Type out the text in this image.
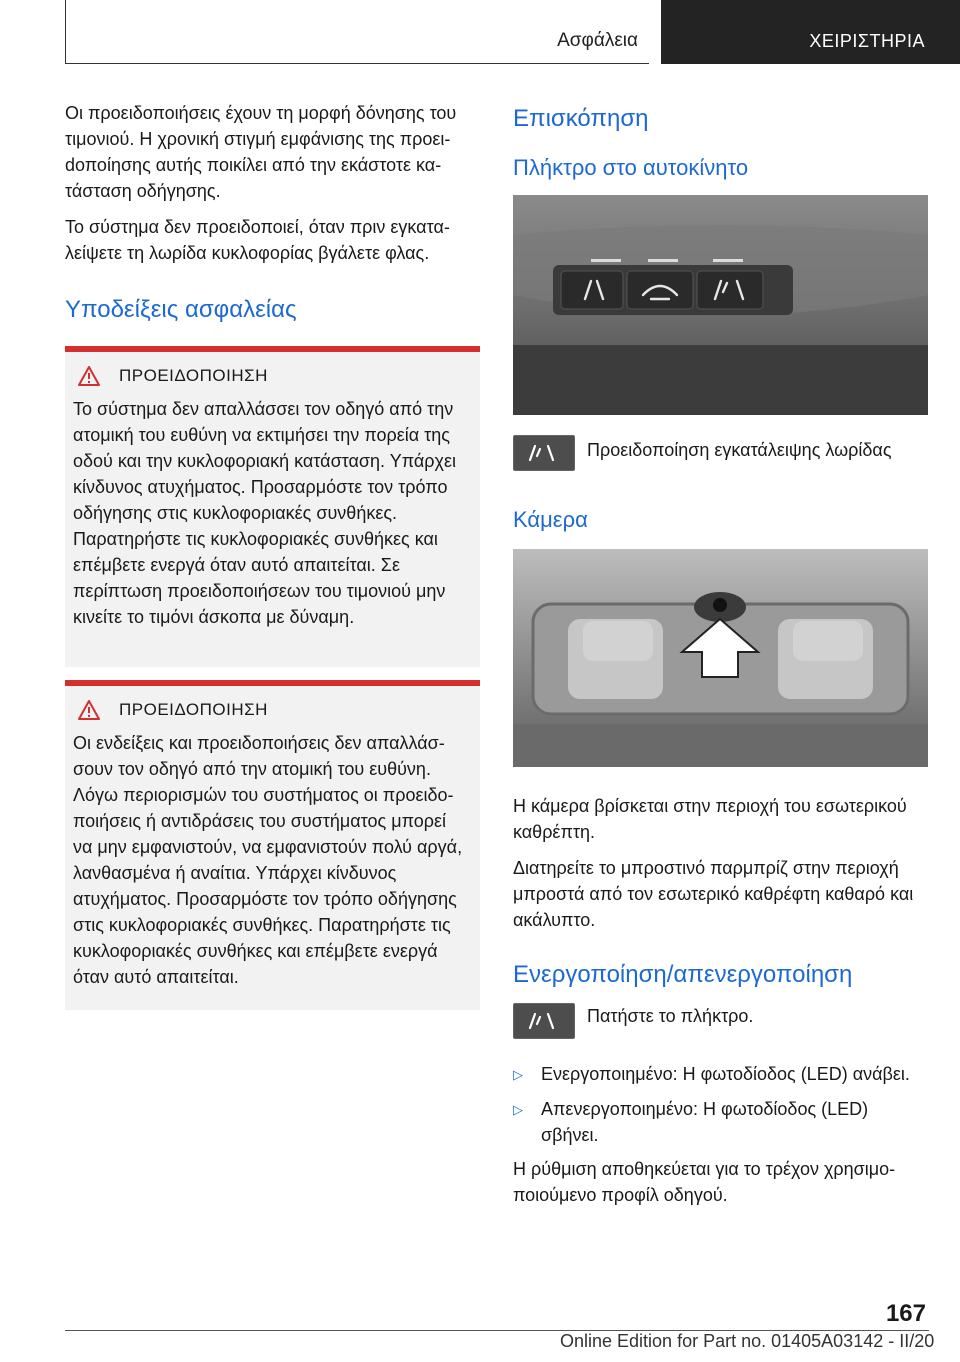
Ασφάλεια	ΧΕΙΡΙΣΤΗΡΙΑ

Οι προειδοποιήσεις έχουν τη μορφή δόνησης του τιμονιού. Η χρονική στιγμή εμφάνισης της προειdοποίησης αυτής ποικίλει από την εκάστοτε κατάσταση οδήγησης.

Το σύστημα δεν προειδοποιεί, όταν πριν εγκαταλείψετε τη λωρίδα κυκλοφορίας βγάλετε φλας.

Υποδείξεις ασφαλείας
ΠΡΟΕΙΔΟΠΟΙΗΣΗ

Το σύστημα δεν απαλλάσσει τον οδηγό από την ατομική του ευθύνη να εκτιμήσει την πορεία της οδού και την κυκλοφοριακή κατάσταση. Υπάρχει κίνδυνος ατυχήματος. Προσαρμόστε τον τρόπο οδήγησης στις κυκλοφοριακές συνθήκες. Παρατηρήστε τις κυκλοφοριακές συνθήκες και επέμβετε ενεργά όταν αυτό απαιτείται. Σε περίπτωση προειδοποιήσεων του τιμονιού μην κινείτε το τιμόνι άσκοπα με δύναμη.

ΠΡΟΕΙΔΟΠΟΙΗΣΗ

Οι ενδείξεις και προειδοποιήσεις δεν απαλλάσσουν τον οδηγό από την ατομική του ευθύνη. Λόγω περιορισμών του συστήματος οι προειδοποιήσεις ή αντιδράσεις του συστήματος μπορεί να μην εμφανιστούν, να εμφανιστούν πολύ αργά, λανθασμένα ή αναίτια. Υπάρχει κίνδυνος ατυχήματος. Προσαρμόστε τον τρόπο οδήγησης στις κυκλοφοριακές συνθήκες. Παρατηρήστε τις κυκλοφοριακές συνθήκες και επέμβετε ενεργά όταν αυτό απαιτείται.

Επισκόπηση
Πλήκτρο στο αυτοκίνητο

Προειδοποίηση εγκατάλειψης λωρίδας

Κάμερα

Η κάμερα βρίσκεται στην περιοχή του εσωτερικού καθρέπτη.

Διατηρείτε το μπροστινό παρμπρίζ στην περιοχή μπροστά από τον εσωτερικό καθρέφτη καθαρό και ακάλυπτο.

Ενεργοποίηση/απενεργοποίηση

Πατήστε το πλήκτρο.

▷	Ενεργοποιημένο: Η φωτοδίοδος (LED) ανάβει.
▷	Απενεργοποιημένο: Η φωτοδίοδος (LED) σβήνει.

Η ρύθμιση αποθηκεύεται για το τρέχον χρησιμοποιούμενο προφίλ οδηγού.

167
Online Edition for Part no. 01405A03142 - II/20
